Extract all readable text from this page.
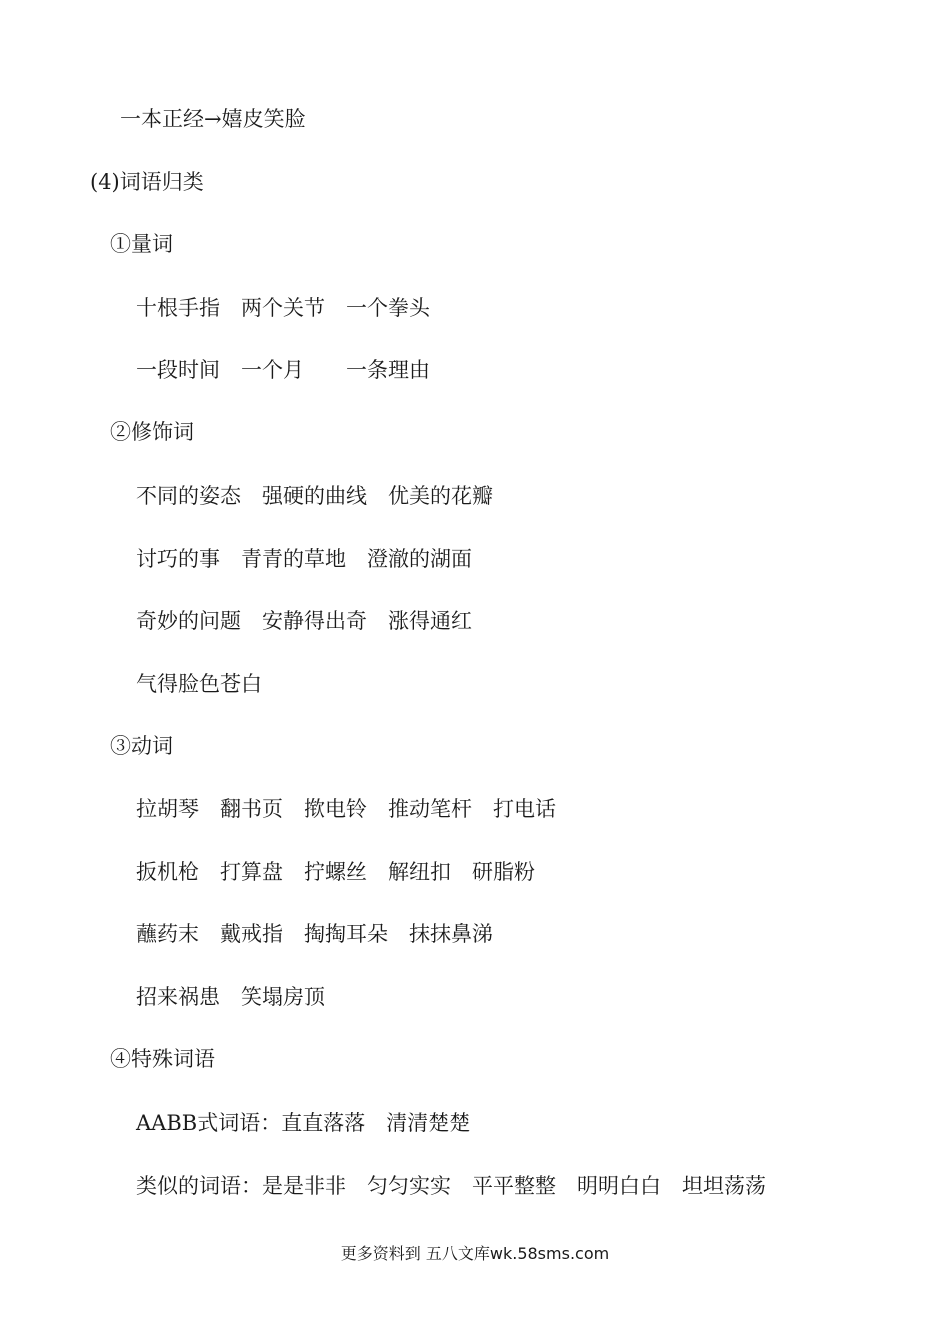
一本正经→嬉皮笑脸
(4)词语归类
①量词
十根手指　两个关节　一个拳头
一段时间　一个月　　一条理由
②修饰词
不同的姿态　强硬的曲线　优美的花瓣
讨巧的事　青青的草地　澄澈的湖面
奇妙的问题　安静得出奇　涨得通红
气得脸色苍白
③动词
拉胡琴　翻书页　揿电铃　推动笔杆　打电话
扳机枪　打算盘　拧螺丝　解纽扣　研脂粉
蘸药末　戴戒指　掏掏耳朵　抹抹鼻涕
招来祸患　笑塌房顶
④特殊词语
AABB式词语：直直落落　清清楚楚
类似的词语：是是非非　匀匀实实　平平整整　明明白白　坦坦荡荡
更多资料到 五八文库wk.58sms.com
